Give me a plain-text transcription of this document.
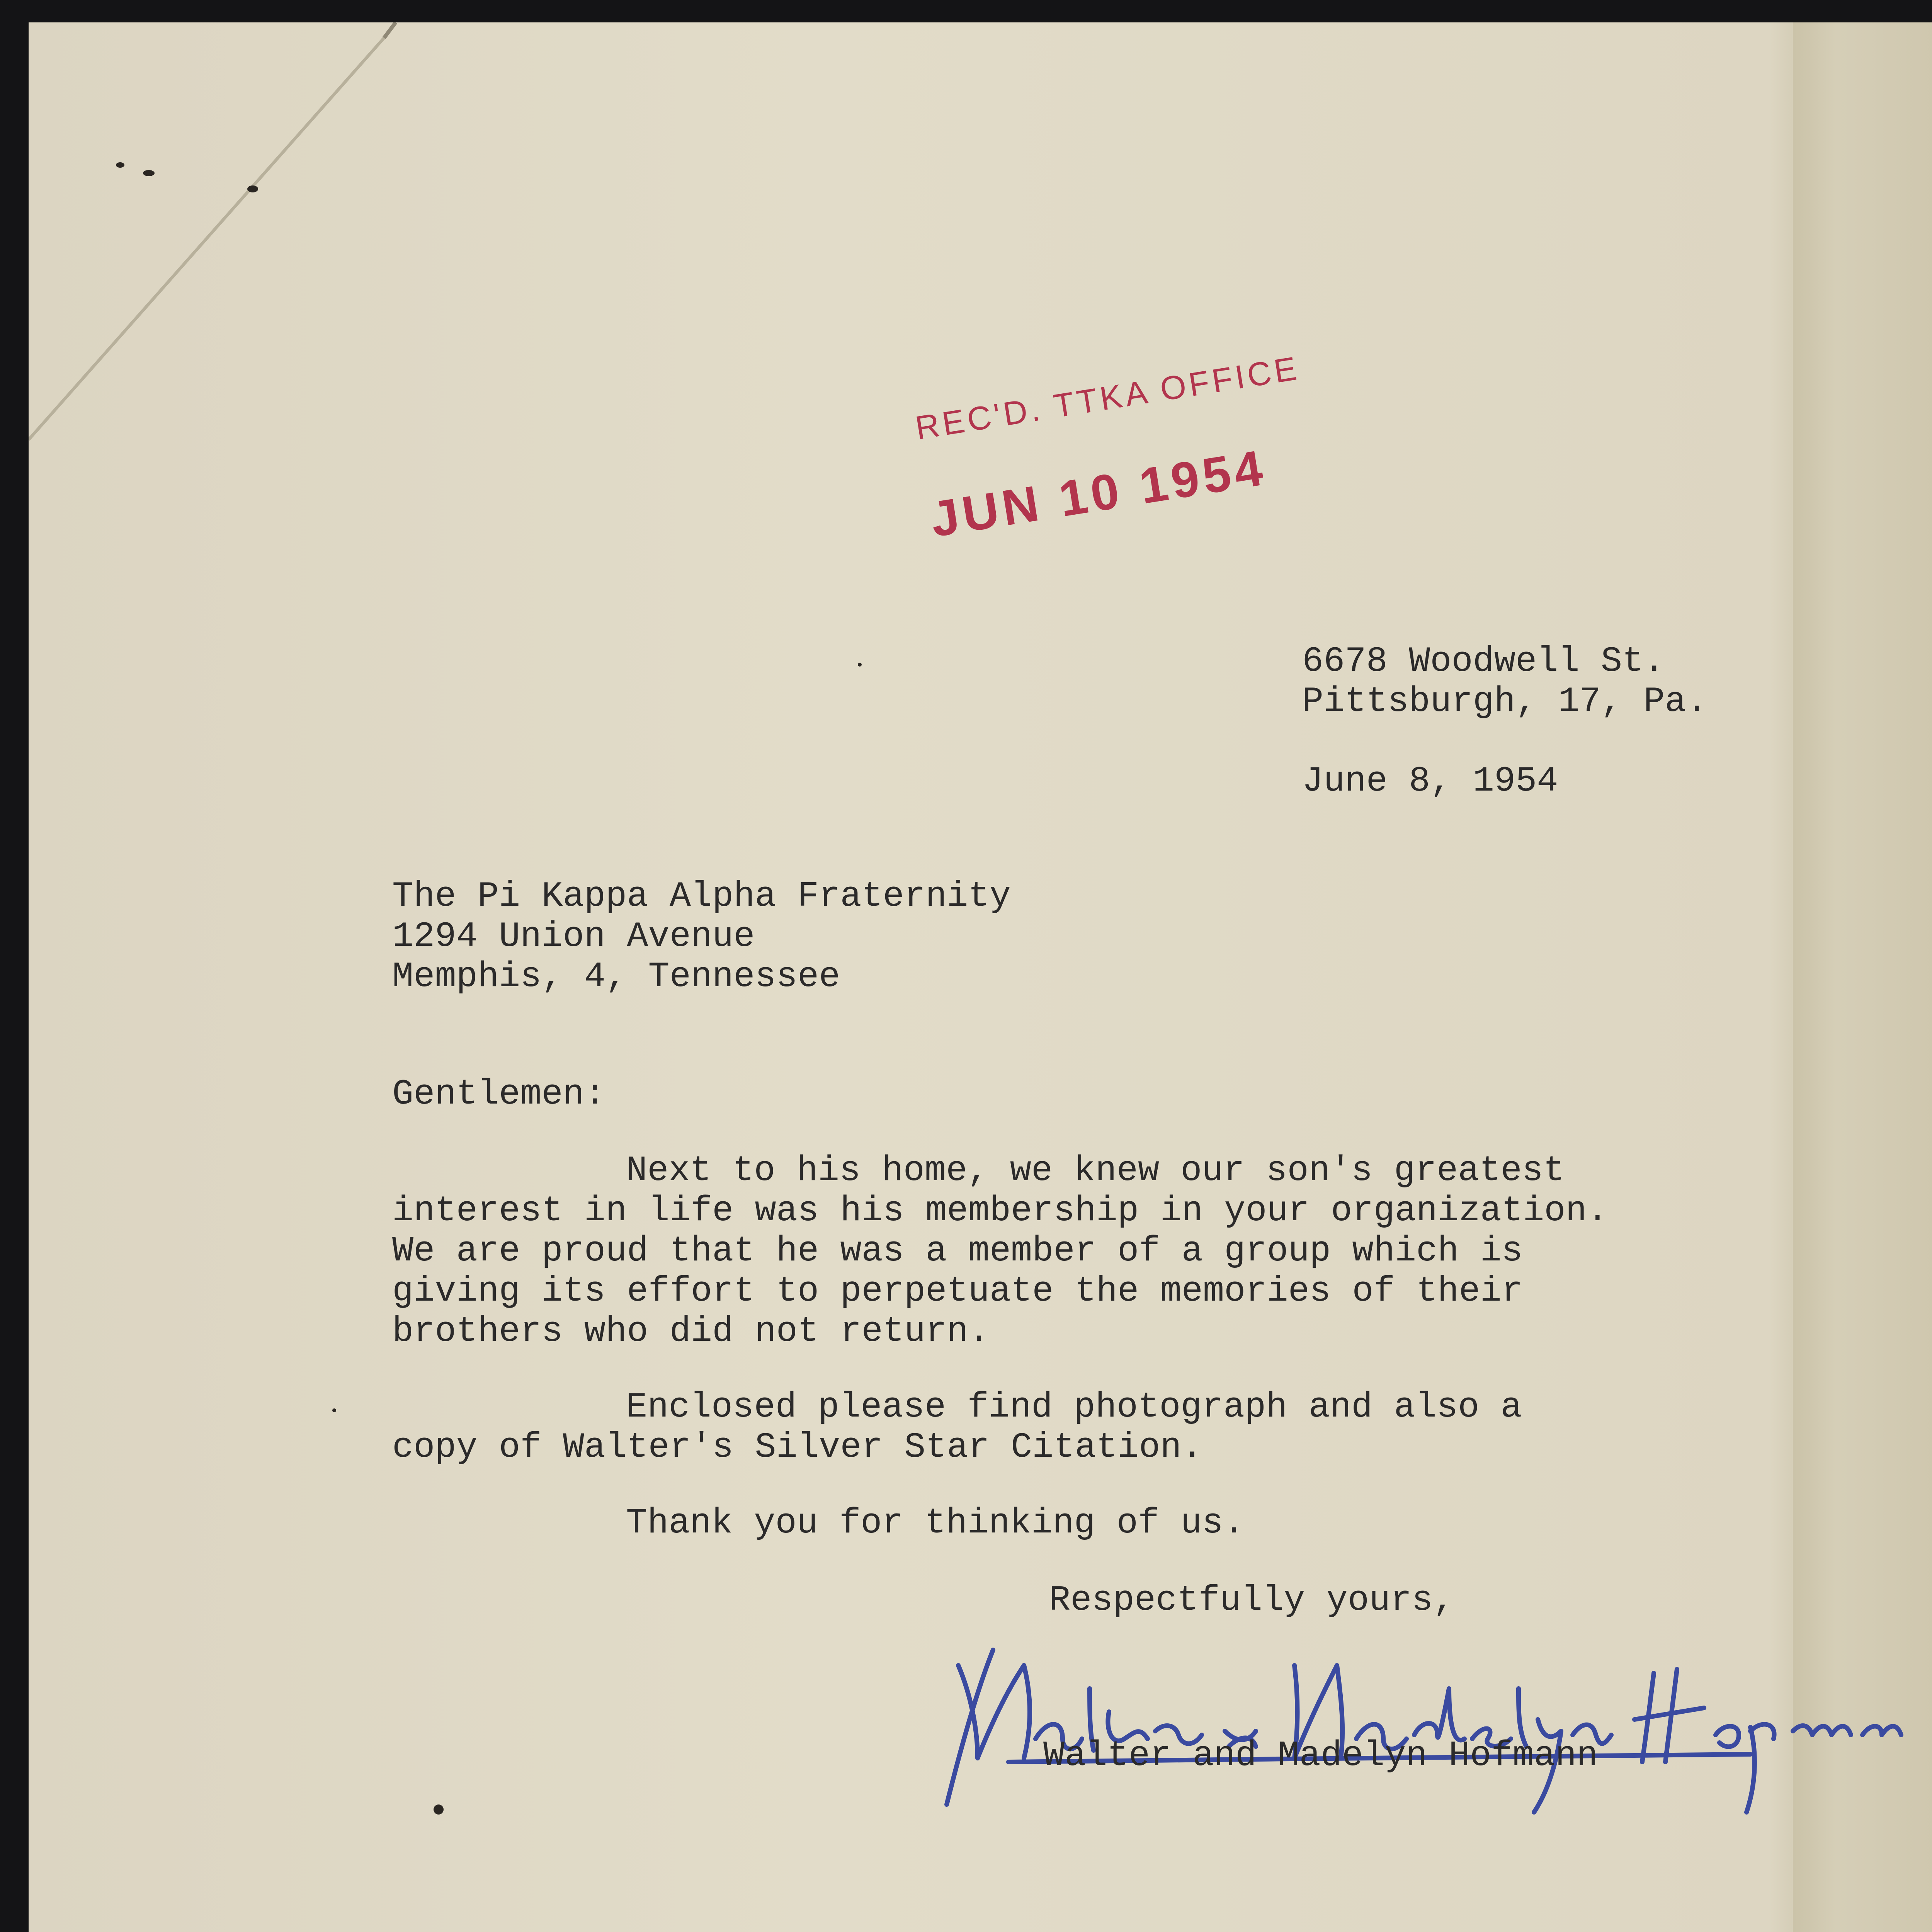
REC'D. TTKA OFFICE
JUN 10 1954
6678 Woodwell St.
Pittsburgh, 17, Pa.
June 8, 1954
The Pi Kappa Alpha Fraternity
1294 Union Avenue
Memphis, 4, Tennessee
Gentlemen:
Next to his home, we knew our son's greatest
interest in life was his membership in your organization.
We are proud that he was a member of a group which is
giving its effort to perpetuate the memories of their
brothers who did not return.
Enclosed please find photograph and also a
copy of Walter's Silver Star Citation.
Thank you for thinking of us.
Respectfully yours,
Walter and Madelyn Hofmann
